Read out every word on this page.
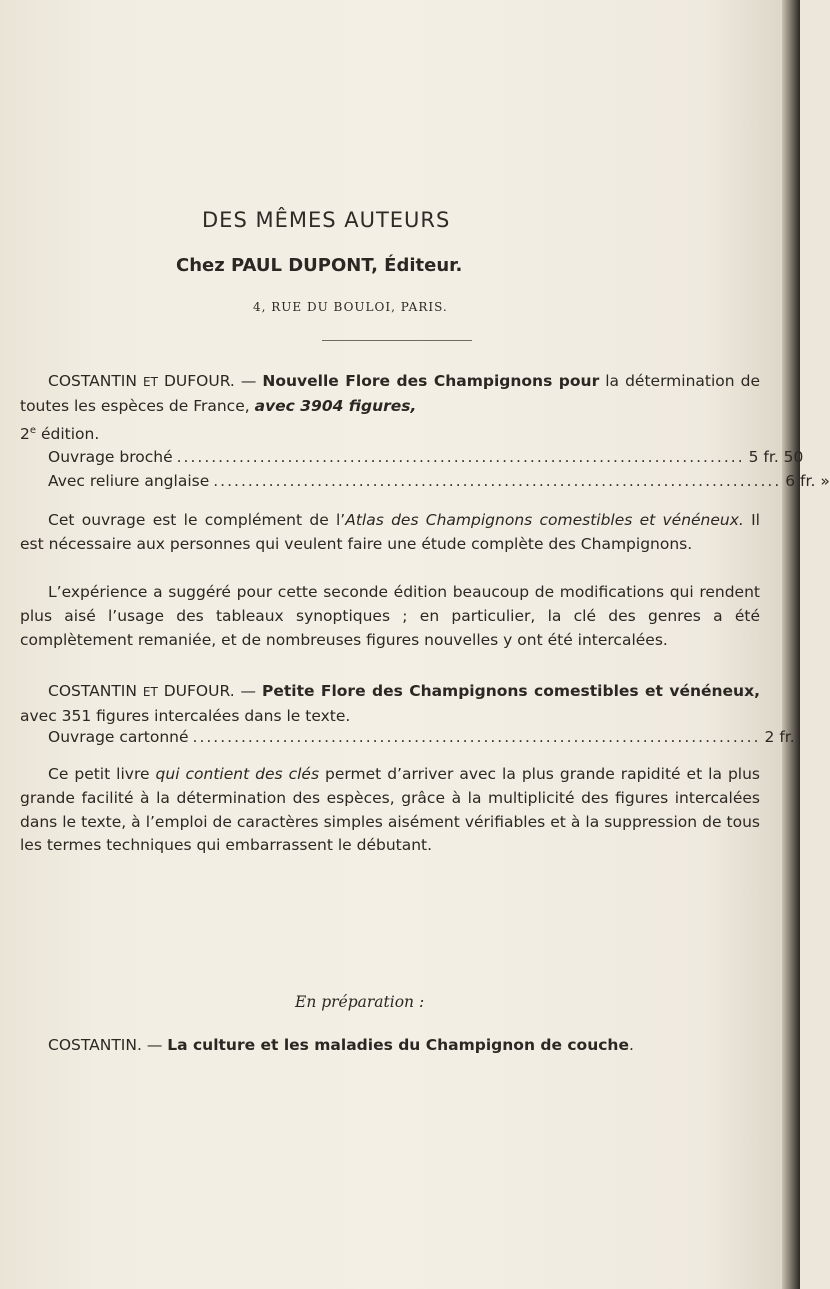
DES MÊMES AUTEURS
Chez PAUL DUPONT, Éditeur.
4, RUE DU BOULOI, PARIS.
COSTANTIN ET DUFOUR. — Nouvelle Flore des Champignons pour la détermination de toutes les espèces de France, avec 3904 figures,
2e édition.
Ouvrage broché .................................................................................. 5 fr. 50
Avec reliure anglaise .................................................................................. 6 fr. »
Cet ouvrage est le complément de l’Atlas des Champignons comestibles et vénéneux. Il est nécessaire aux personnes qui veulent faire une étude complète des Champignons.
L’expérience a suggéré pour cette seconde édition beaucoup de modifications qui rendent plus aisé l’usage des tableaux synoptiques ; en particulier, la clé des genres a été complètement remaniée, et de nombreuses figures nouvelles y ont été intercalées.
COSTANTIN ET DUFOUR. — Petite Flore des Champignons comestibles et vénéneux, avec 351 figures intercalées dans le texte.
Ouvrage cartonné .................................................................................. 2 fr.
Ce petit livre qui contient des clés permet d’arriver avec la plus grande rapidité et la plus grande facilité à la détermination des espèces, grâce à la multiplicité des figures intercalées dans le texte, à l’emploi de caractères simples aisément vérifiables et à la suppression de tous les termes techniques qui embarrassent le débutant.
En préparation :
COSTANTIN. — La culture et les maladies du Champignon de couche.
